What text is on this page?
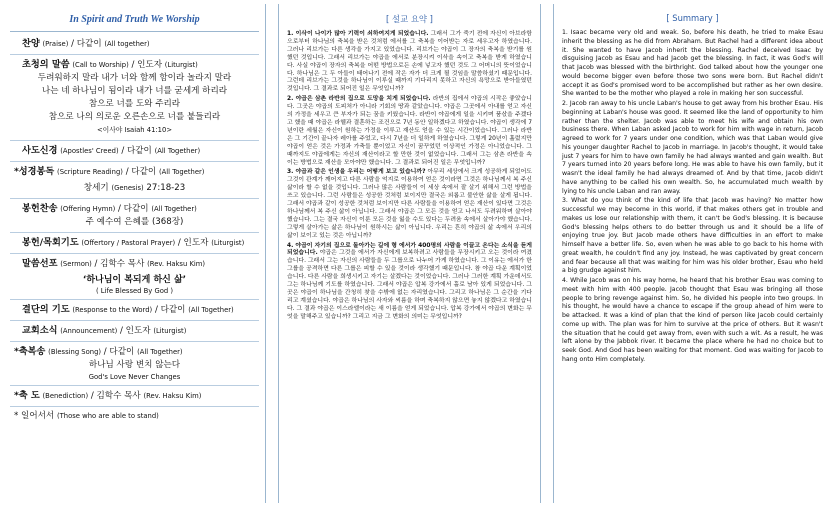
In Spirit and Truth We Worship
찬양 (Praise) / 다같이 (All together)
초청의 말씀 (Call to Worship) / 인도자 (Liturgist)
두려워하지 말라 내가 너와 함께 함이라 놀라지 말라
나는 네 하나님이 됨이라 내가 너를 굳세게 하리라
참으로 너를 도와 주리라
참으로 나의 의로운 오른손으로 너를 붙들리라
<이사야 Isaiah 41:10>
사도신경 (Apostles' Creed) / 다같이 (All Together)
*성경봉독 (Scripture Reading) / 다같이 (All Together)
창세기 (Genesis) 27:18-23
봉헌찬송 (Offering Hymn) / 다같이 (All Together)
주 예수여 은혜를 (368장)
봉헌/목회기도 (Offertory / Pastoral Prayer) / 인도자 (Liturgist)
말씀선포 (Sermon) / 김학수 목사 (Rev. Haksu Kim)
‘하나님이 복되게 하신 삶’
( Life Blessed By God )
결단의 기도 (Response to the Word) / 다같이 (All Together)
교회소식 (Announcement) / 인도자 (Liturgist)
*축복송 (Blessing Song) / 다같이 (All Together)
하나님 사랑 변치 않는다
God's Love Never Changes
*축 도 (Benediction) / 김학수 목사 (Rev. Haksu Kim)
* 일어서서 (Those who are able to stand)
[ 설교 요약 ]

1. 이삭이 나이가 많아 기력이 쇠하여지게 되었습니다. 그래서 그가 죽기 전에 자신이 아브라함으로부터 하나님의 축복을 받은 것처럼 에서를 그 축복을 이어받는 자로 세우고자 하였습니다. 그러나 리브가는 다른 생각을 가지고 있었습니다. 리브가는 야곱이 그 장자의 축복을 받기를 원했던 것입니다. 그래서 리브가는 야곱을 에서로 분장시켜 이삭을 속이고 축복을 받게 하였습니다. 사실 야곱이 장자의 축복을 어떤 방법으로든 손에 넣고자 했던 것도 그 어머니의 뜻이었습니다. 하나님은 그 두 아들이 태어나기 전에 작은 자가 더 크게 될 것임을 말씀하셨기 때문입니다. 그런데 리브가는 그것을 하나님이 이루실 때까지 기다리지 못하고 자신의 욕망으로 받아들였던 것입니다. 그 결과로 되어진 일은 무엇입니까?

2. 야곱은 삼촌 라반의 집으로 도망을 치게 되었습니다. 라반의 집에서 야곱의 시작은 좋았습니다. 그곳은 야곱의 도피처가 아니라 기회의 땅과 같았습니다. 야곱은 그곳에서 아내를 얻고 자신의 가정을 세우고 큰 부자가 되는 꿈을 키웠습니다. 라반이 야곱에게 일을 시키며 품삯을 주겠다고 했을 때 야곱은 라헬과 결혼하는 조건으로 7년 동안 일하겠다고 하였습니다. 야곱이 생각에 7년이란 세월은 자신이 원하는 가정을 이루고 재산도 얻을 수 있는 시간이었습니다. 그러나 라반은 그 기간이 끝나자 레아를 주었고, 다시 7년을 더 일하게 하였습니다. 그렇게 20년이 흘렀지만 야곱이 얻은 것은 가정과 가축들 뿐이었고 자신이 꿈꾸었던 이상적인 가정은 아니었습니다. 그 때까지도 야곱에게는 자신의 재산이라고 할 만한 것이 없었습니다. 그래서 그는 삼촌 라반을 속이는 방법으로 재산을 모아야만 했습니다. 그 결과로 되어진 일은 무엇입니까?

3. 야곱과 같은 인생을 우리는 어떻게 보고 있습니까? 아무리 세상에서 크게 성공하게 되었어도 그것이 관계가 깨어지고 다른 사람을 억지로 이용하여 얻은 것이라면 그것은 하나님께서 복 주신 삶이라 할 수 없을 것입니다. 그러나 많은 사람들이 이 세상 속에서 잘 살기 위해서 그런 방법을 쓰고 있습니다. 그런 사람들은 성공한 것처럼 보이지만 결국은 외롭고 불안한 삶을 살게 됩니다. 그래서 야곱과 같이 성공한 것처럼 보이지만 다른 사람들을 이용하여 얻은 재산이 있다면 그것은 하나님께서 복 주신 삶이 아닙니다. 그래서 야곱은 그 모든 것을 얻고 나서도 두려워하며 살아야 했습니다. 그는 결국 자신이 이룬 모든 것을 잃을 수도 있다는 두려움 속에서 살아가야 했습니다. 그렇게 살아가는 삶은 하나님이 원하시는 삶이 아닙니다. 우리는 흔히 야곱의 삶 속에서 우리의 삶이 보이고 있는 것은 아닙니까?

4. 야곱이 자기의 집으로 돌아가는 길에 형 에서가 400명의 사람을 이끌고 온다는 소식을 듣게 되었습니다. 야곱은 그것을 에서가 자신에게 보복하려고 사람들을 무장시키고 오는 것이라 여겼습니다. 그래서 그는 자신의 사람들을 두 그룹으로 나누어 가게 하였습니다. 그 이유는 에서가 한 그룹을 공격하면 다른 그룹은 피할 수 있을 것이라 생각했기 때문입니다. 참 야곱 다운 계획이었습니다. 다른 사람을 희생시키고 자기는 살겠다는 것이었습니다. 그러나 그러한 계획 가운데서도 그는 하나님께 기도를 하였습니다. 그래서 야곱은 압복 강가에서 홀로 남아 있게 되었습니다. 그곳은 야곱이 하나님을 간청히 찾을 수밖에 없는 자리였습니다. 그리고 하나님은 그 순간을 기다리고 계셨습니다. 야곱은 하나님의 사자와 씨름을 하며 축복하지 않으면 놓지 않겠다고 하였습니다. 그 결과 야곱은 이스라엘이라는 새 이름을 얻게 되었습니다. 압복 강가에서 야곱의 변화는 무엇을 말해주고 있습니까? 그리고 지금 그 변화의 의미는 무엇입니까?

[ Summary ]

1. Isaac became very old and weak. So, before his death, he tried to make Esau inherit the blessing as he did from Abraham. But Rachel had a different idea about it. She wanted to have Jacob inherit the blessing. Rachel deceived Isaac by disguising Jacob as Esau and had Jacob get the blessing. In fact, it was God's will that Jacob was blessed with the birthright. God talked about how the younger one would become bigger even before those two sons were born. But Rachel didn't accept it as God's promised word to be accomplished but rather as her own desire. She wanted to be the mother who played a role in making her son successful.

2. Jacob ran away to his uncle Laban's house to get away from his brother Esau. His beginning at Laban's house was good. It seemed like the land of opportunity to him rather than the shelter. Jacob was able to meet his wife and obtain his own business there. When Laban asked Jacob to work for him with wage in return, Jacob agreed to work for 7 years under one condition, which was that Laban would give his younger daughter Rachel to Jacob in marriage. In Jacob's thought, it would take just 7 years for him to have own family he had always wanted and gain wealth. But 7 years turned into 20 years before long. He was able to have his own family, but it wasn't the ideal family he had always dreamed of. And by that time, Jacob didn't have anything to be called his own wealth. So, he accumulated much wealth by lying to his uncle Laban and ran away.

3. What do you think of the kind of life that Jacob was having? No matter how successful we may become in this world, if that makes others get in trouble and makes us lose our relationship with them, it can't be God's blessing. It is because God's blessing helps others to do better through us and it should be a life of enjoying true joy. But Jacob made others have difficulties in an effort to make himself have a better life. So, even when he was able to go back to his home with great wealth, he couldn't find any joy. Instead, he was captivated by great concern and fear because all that was waiting for him was his older brother, Esau who held a big grudge against him.

4. While Jacob was on his way home, he heard that his brother Esau was coming to meet with him with 400 people. Jacob thought that Esau was bringing all those people to bring revenge against him. So, he divided his people into two groups. In his thought, he would have a chance to escape if the group ahead of him were to be attacked. It was a kind of plan that the kind of person like Jacob could certainly come up with. The plan was for him to survive at the price of others. But it wasn't the situation that he could get away from, even with such a wit. As a result, he was left alone by the Jabbok river. It became the place where he had no choice but to seek God. And God has been waiting for that moment. God was waiting for Jacob to hang onto Him completely.
